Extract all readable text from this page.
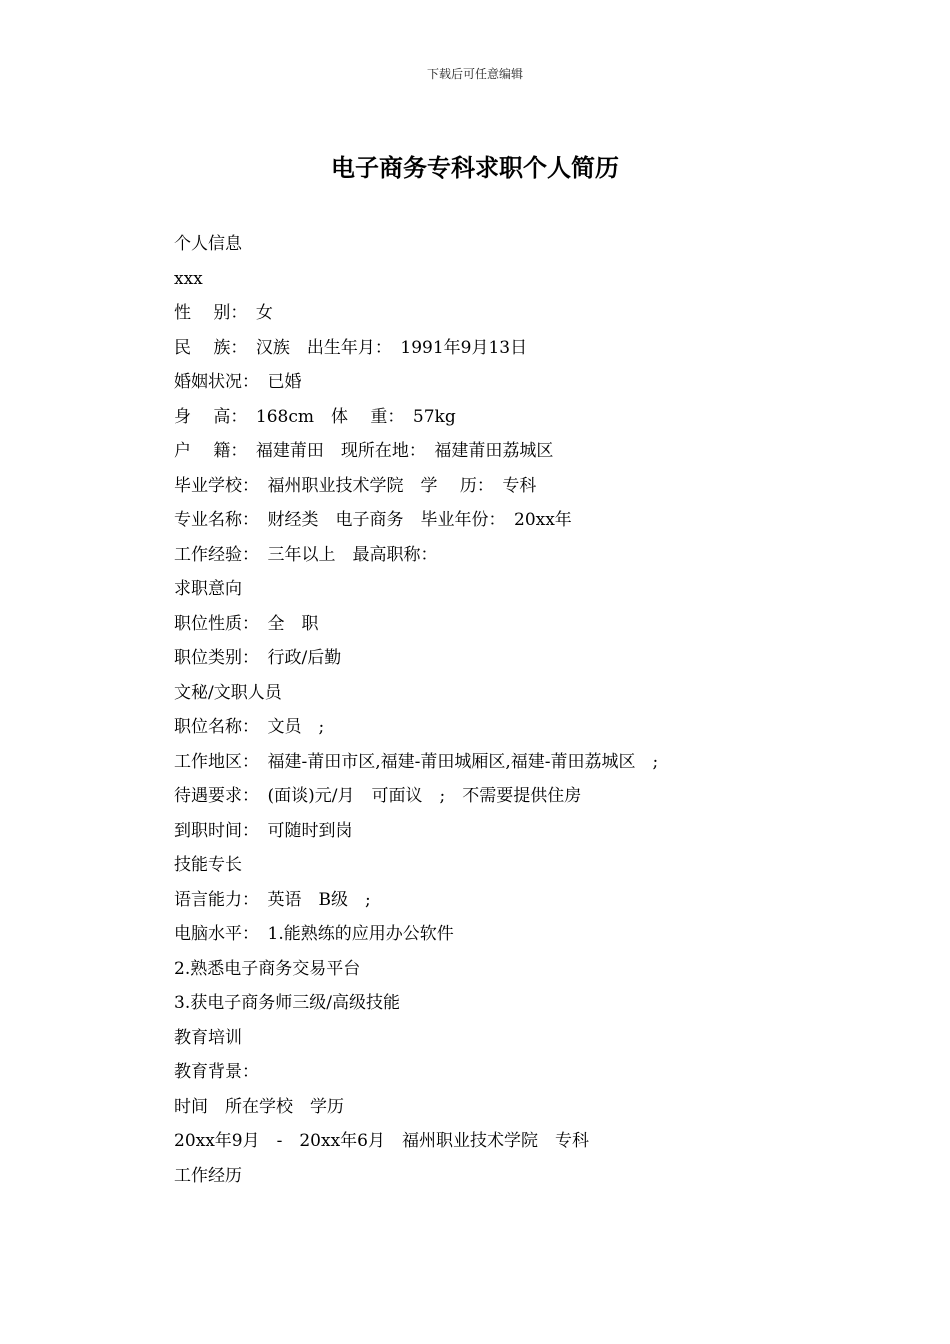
下载后可任意编辑
电子商务专科求职个人简历
个人信息
xxx
性　 别：　女
民　 族：　汉族　出生年月：　1991年9月13日
婚姻状况：　已婚
身　 高：　168cm　体　 重：　57kg
户　 籍：　福建莆田　现所在地：　福建莆田荔城区
毕业学校：　福州职业技术学院　学　 历：　专科
专业名称：　财经类　电子商务　毕业年份：　20xx年
工作经验：　三年以上　最高职称：
求职意向
职位性质：　全　职
职位类别：　行政/后勤
文秘/文职人员
职位名称：　文员　;
工作地区：　福建-莆田市区,福建-莆田城厢区,福建-莆田荔城区　;
待遇要求：　(面谈)元/月　可面议　;　不需要提供住房
到职时间：　可随时到岗
技能专长
语言能力：　英语　B级　;
电脑水平：　1.能熟练的应用办公软件
2.熟悉电子商务交易平台
3.获电子商务师三级/高级技能
教育培训
教育背景：
时间　所在学校　学历
20xx年9月　-　20xx年6月　福州职业技术学院　专科
工作经历
